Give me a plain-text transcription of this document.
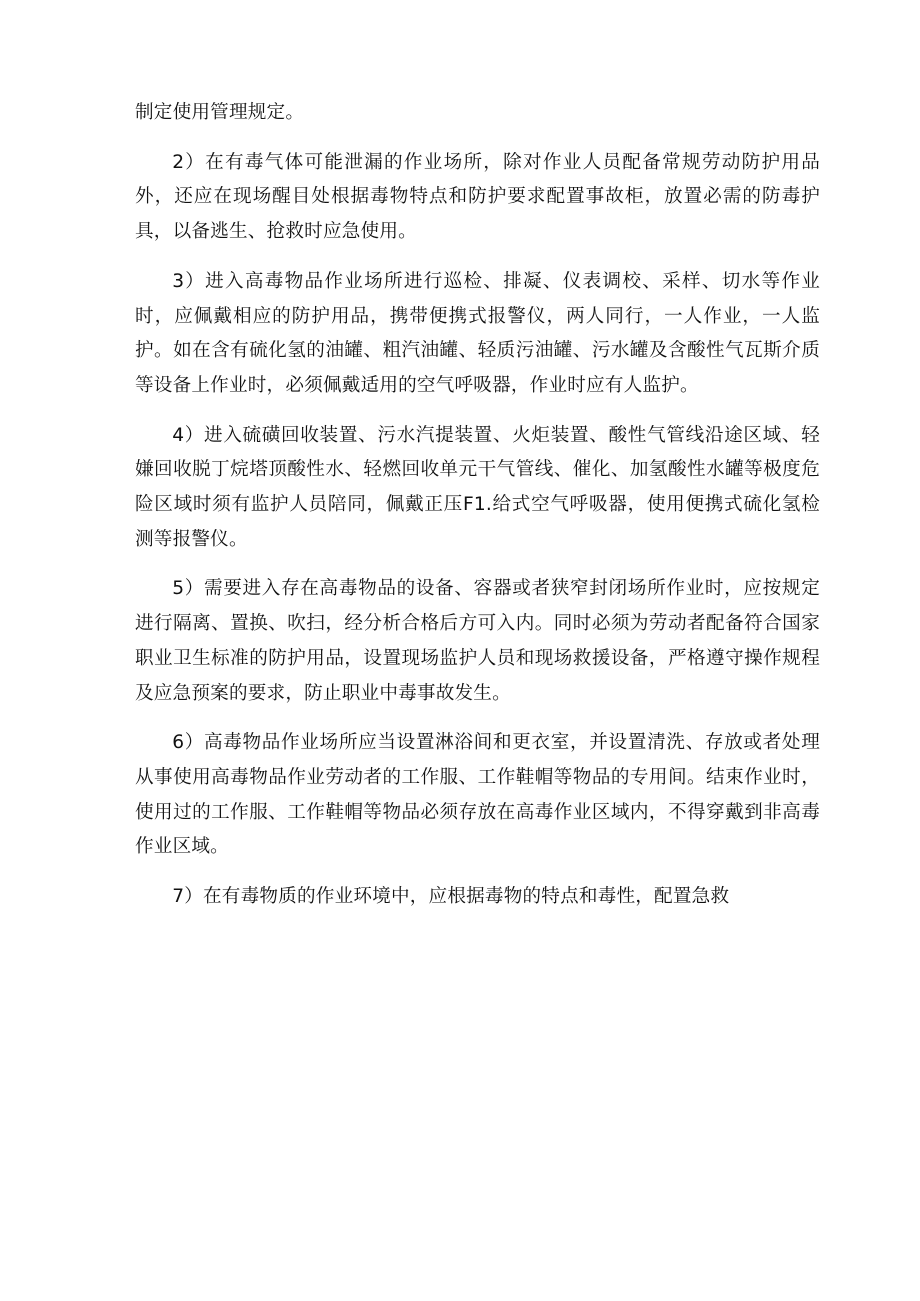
制定使用管理规定。

2）在有毒气体可能泄漏的作业场所，除对作业人员配备常规劳动防护用品外，还应在现场醒目处根据毒物特点和防护要求配置事故柜，放置必需的防毒护具，以备逃生、抢救时应急使用。

3）进入高毒物品作业场所进行巡检、排凝、仪表调校、采样、切水等作业时，应佩戴相应的防护用品，携带便携式报警仪，两人同行，一人作业，一人监护。如在含有硫化氢的油罐、粗汽油罐、轻质污油罐、污水罐及含酸性气瓦斯介质等设备上作业时，必须佩戴适用的空气呼吸器，作业时应有人监护。

4）进入硫磺回收装置、污水汽提装置、火炬装置、酸性气管线沿途区域、轻嫌回收脱丁烷塔顶酸性水、轻燃回收单元干气管线、催化、加氢酸性水罐等极度危险区域时须有监护人员陪同，佩戴正压F1.给式空气呼吸器，使用便携式硫化氢检测等报警仪。

5）需要进入存在高毒物品的设备、容器或者狭窄封闭场所作业时，应按规定进行隔离、置换、吹扫，经分析合格后方可入内。同时必须为劳动者配备符合国家职业卫生标准的防护用品，设置现场监护人员和现场救援设备，严格遵守操作规程及应急预案的要求，防止职业中毒事故发生。

6）高毒物品作业场所应当设置淋浴间和更衣室，并设置清洗、存放或者处理从事使用高毒物品作业劳动者的工作服、工作鞋帽等物品的专用间。结束作业时，使用过的工作服、工作鞋帽等物品必须存放在高毒作业区域内，不得穿戴到非高毒作业区域。

7）在有毒物质的作业环境中，应根据毒物的特点和毒性，配置急救
